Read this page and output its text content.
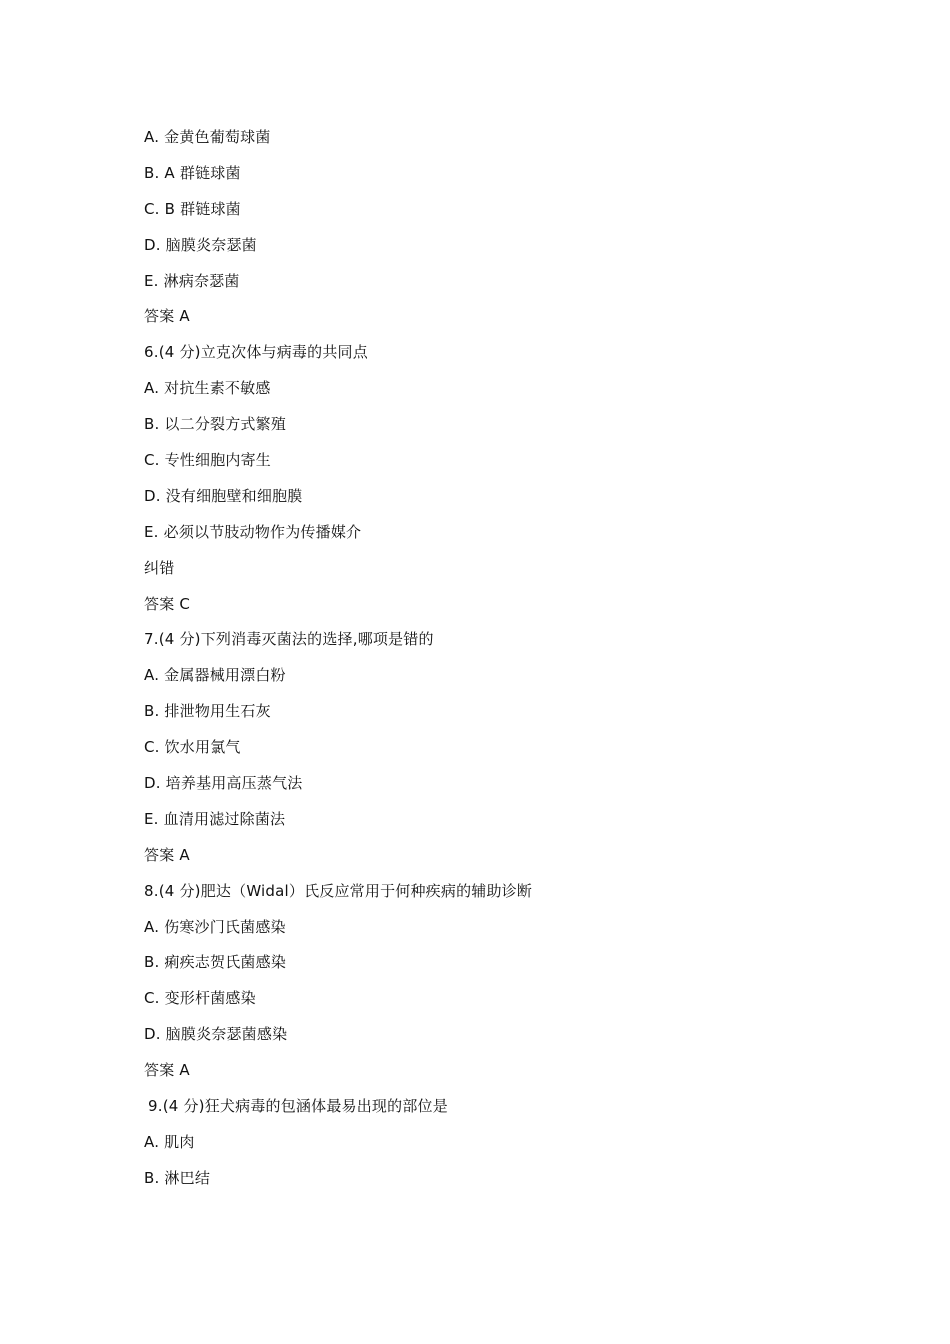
A. 金黄色葡萄球菌
B. A 群链球菌
C. B 群链球菌
D. 脑膜炎奈瑟菌
E. 淋病奈瑟菌
答案 A
6.(4 分)立克次体与病毒的共同点
A. 对抗生素不敏感
B. 以二分裂方式繁殖
C. 专性细胞内寄生
D. 没有细胞壁和细胞膜
E. 必须以节肢动物作为传播媒介
纠错
答案 C
7.(4 分)下列消毒灭菌法的选择,哪项是错的
A. 金属器械用漂白粉
B. 排泄物用生石灰
C. 饮水用氯气
D. 培养基用高压蒸气法
E. 血清用滤过除菌法
答案 A
8.(4 分)肥达（Widal）氏反应常用于何种疾病的辅助诊断
A. 伤寒沙门氏菌感染
B. 痢疾志贺氏菌感染
C. 变形杆菌感染
D. 脑膜炎奈瑟菌感染
答案 A
9.(4 分)狂犬病毒的包涵体最易出现的部位是
A. 肌肉
B. 淋巴结
